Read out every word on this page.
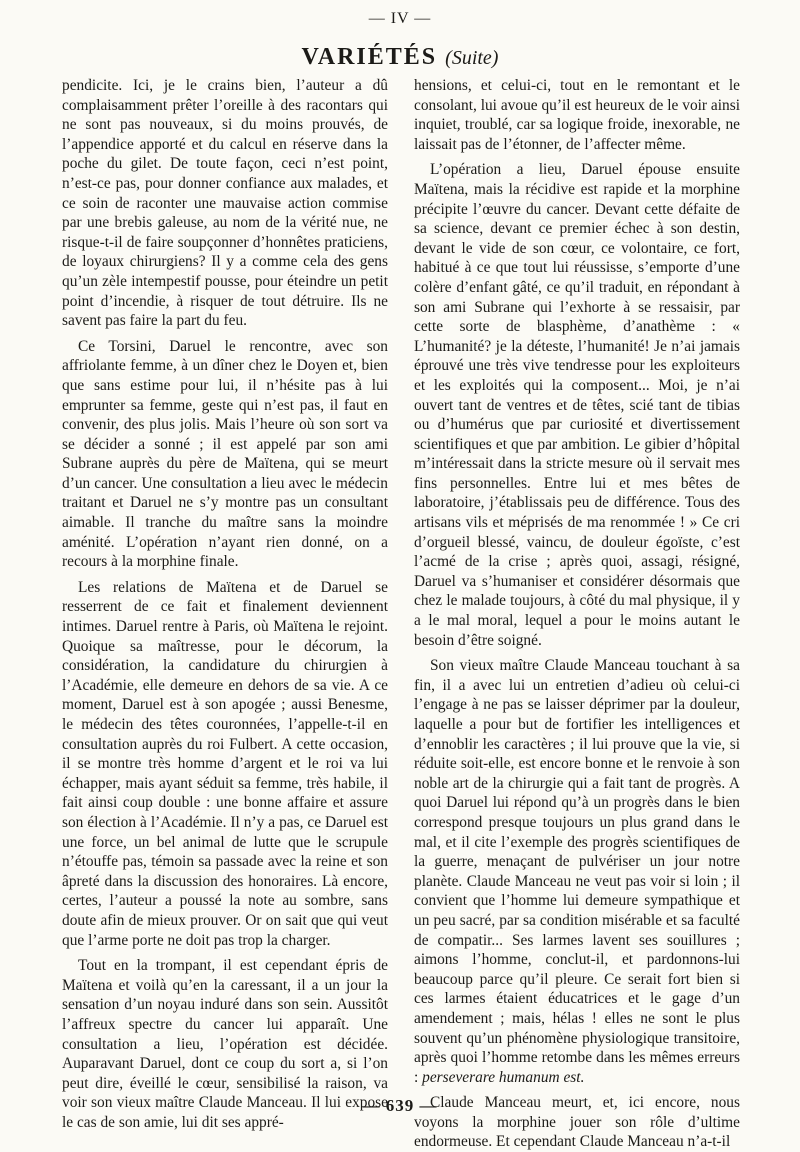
— IV —
VARIÉTÉS (Suite)

pendicite. Ici, je le crains bien, l’auteur a dû complaisamment prêter l’oreille à des racontars qui ne sont pas nouveaux, si du moins prouvés, de l’appendice apporté et du calcul en réserve dans la poche du gilet. De toute façon, ceci n’est point, n’est-ce pas, pour donner confiance aux malades, et ce soin de raconter une mauvaise action commise par une brebis galeuse, au nom de la vérité nue, ne risque-t-il de faire soupçonner d’honnêtes praticiens, de loyaux chirurgiens? Il y a comme cela des gens qu’un zèle intempestif pousse, pour éteindre un petit point d’incendie, à risquer de tout détruire. Ils ne savent pas faire la part du feu.

Ce Torsini, Daruel le rencontre, avec son affriolante femme, à un dîner chez le Doyen et, bien que sans estime pour lui, il n’hésite pas à lui emprunter sa femme, geste qui n’est pas, il faut en convenir, des plus jolis. Mais l’heure où son sort va se décider a sonné ; il est appelé par son ami Subrane auprès du père de Maïtena, qui se meurt d’un cancer. Une consultation a lieu avec le médecin traitant et Daruel ne s’y montre pas un consultant aimable. Il tranche du maître sans la moindre aménité. L’opération n’ayant rien donné, on a recours à la morphine finale.

Les relations de Maïtena et de Daruel se resserrent de ce fait et finalement deviennent intimes. Daruel rentre à Paris, où Maïtena le rejoint. Quoique sa maîtresse, pour le décorum, la considération, la candidature du chirurgien à l’Académie, elle demeure en dehors de sa vie. A ce moment, Daruel est à son apogée ; aussi Benesme, le médecin des têtes couronnées, l’appelle-t-il en consultation auprès du roi Fulbert. A cette occasion, il se montre très homme d’argent et le roi va lui échapper, mais ayant séduit sa femme, très habile, il fait ainsi coup double : une bonne affaire et assure son élection à l’Académie. Il n’y a pas, ce Daruel est une force, un bel animal de lutte que le scrupule n’étouffe pas, témoin sa passade avec la reine et son âpreté dans la discussion des honoraires. Là encore, certes, l’auteur a poussé la note au sombre, sans doute afin de mieux prouver. Or on sait que qui veut que l’arme porte ne doit pas trop la charger.

Tout en la trompant, il est cependant épris de Maïtena et voilà qu’en la caressant, il a un jour la sensation d’un noyau induré dans son sein. Aussitôt l’affreux spectre du cancer lui apparaît. Une consultation a lieu, l’opération est décidée. Auparavant Daruel, dont ce coup du sort a, si l’on peut dire, éveillé le cœur, sensibilisé la raison, va voir son vieux maître Claude Manceau. Il lui expose le cas de son amie, lui dit ses appré-

hensions, et celui-ci, tout en le remontant et le consolant, lui avoue qu’il est heureux de le voir ainsi inquiet, troublé, car sa logique froide, inexorable, ne laissait pas de l’étonner, de l’affecter même.

L’opération a lieu, Daruel épouse ensuite Maïtena, mais la récidive est rapide et la morphine précipite l’œuvre du cancer. Devant cette défaite de sa science, devant ce premier échec à son destin, devant le vide de son cœur, ce volontaire, ce fort, habitué à ce que tout lui réussisse, s’emporte d’une colère d’enfant gâté, ce qu’il traduit, en répondant à son ami Subrane qui l’exhorte à se ressaisir, par cette sorte de blasphème, d’anathème : « L’humanité? je la déteste, l’humanité! Je n’ai jamais éprouvé une très vive tendresse pour les exploiteurs et les exploités qui la composent... Moi, je n’ai ouvert tant de ventres et de têtes, scié tant de tibias ou d’humérus que par curiosité et divertissement scientifiques et que par ambition. Le gibier d’hôpital m’intéressait dans la stricte mesure où il servait mes fins personnelles. Entre lui et mes bêtes de laboratoire, j’établissais peu de différence. Tous des artisans vils et méprisés de ma renommée ! » Ce cri d’orgueil blessé, vaincu, de douleur égoïste, c’est l’acmé de la crise ; après quoi, assagi, résigné, Daruel va s’humaniser et considérer désormais que chez le malade toujours, à côté du mal physique, il y a le mal moral, lequel a pour le moins autant le besoin d’être soigné.

Son vieux maître Claude Manceau touchant à sa fin, il a avec lui un entretien d’adieu où celui-ci l’engage à ne pas se laisser déprimer par la douleur, laquelle a pour but de fortifier les intelligences et d’ennoblir les caractères ; il lui prouve que la vie, si réduite soit-elle, est encore bonne et le renvoie à son noble art de la chirurgie qui a fait tant de progrès. A quoi Daruel lui répond qu’à un progrès dans le bien correspond presque toujours un plus grand dans le mal, et il cite l’exemple des progrès scientifiques de la guerre, menaçant de pulvériser un jour notre planète. Claude Manceau ne veut pas voir si loin ; il convient que l’homme lui demeure sympathique et un peu sacré, par sa condition misérable et sa faculté de compatir... Ses larmes lavent ses souillures ; aimons l’homme, conclut-il, et pardonnons-lui beaucoup parce qu’il pleure. Ce serait fort bien si ces larmes étaient éducatrices et le gage d’un amendement ; mais, hélas ! elles ne sont le plus souvent qu’un phénomène physiologique transitoire, après quoi l’homme retombe dans les mêmes erreurs : perseverare humanum est.

Claude Manceau meurt, et, ici encore, nous voyons la morphine jouer son rôle d’ultime endormeuse. Et cependant Claude Manceau n’a-t-il

— 639 —
